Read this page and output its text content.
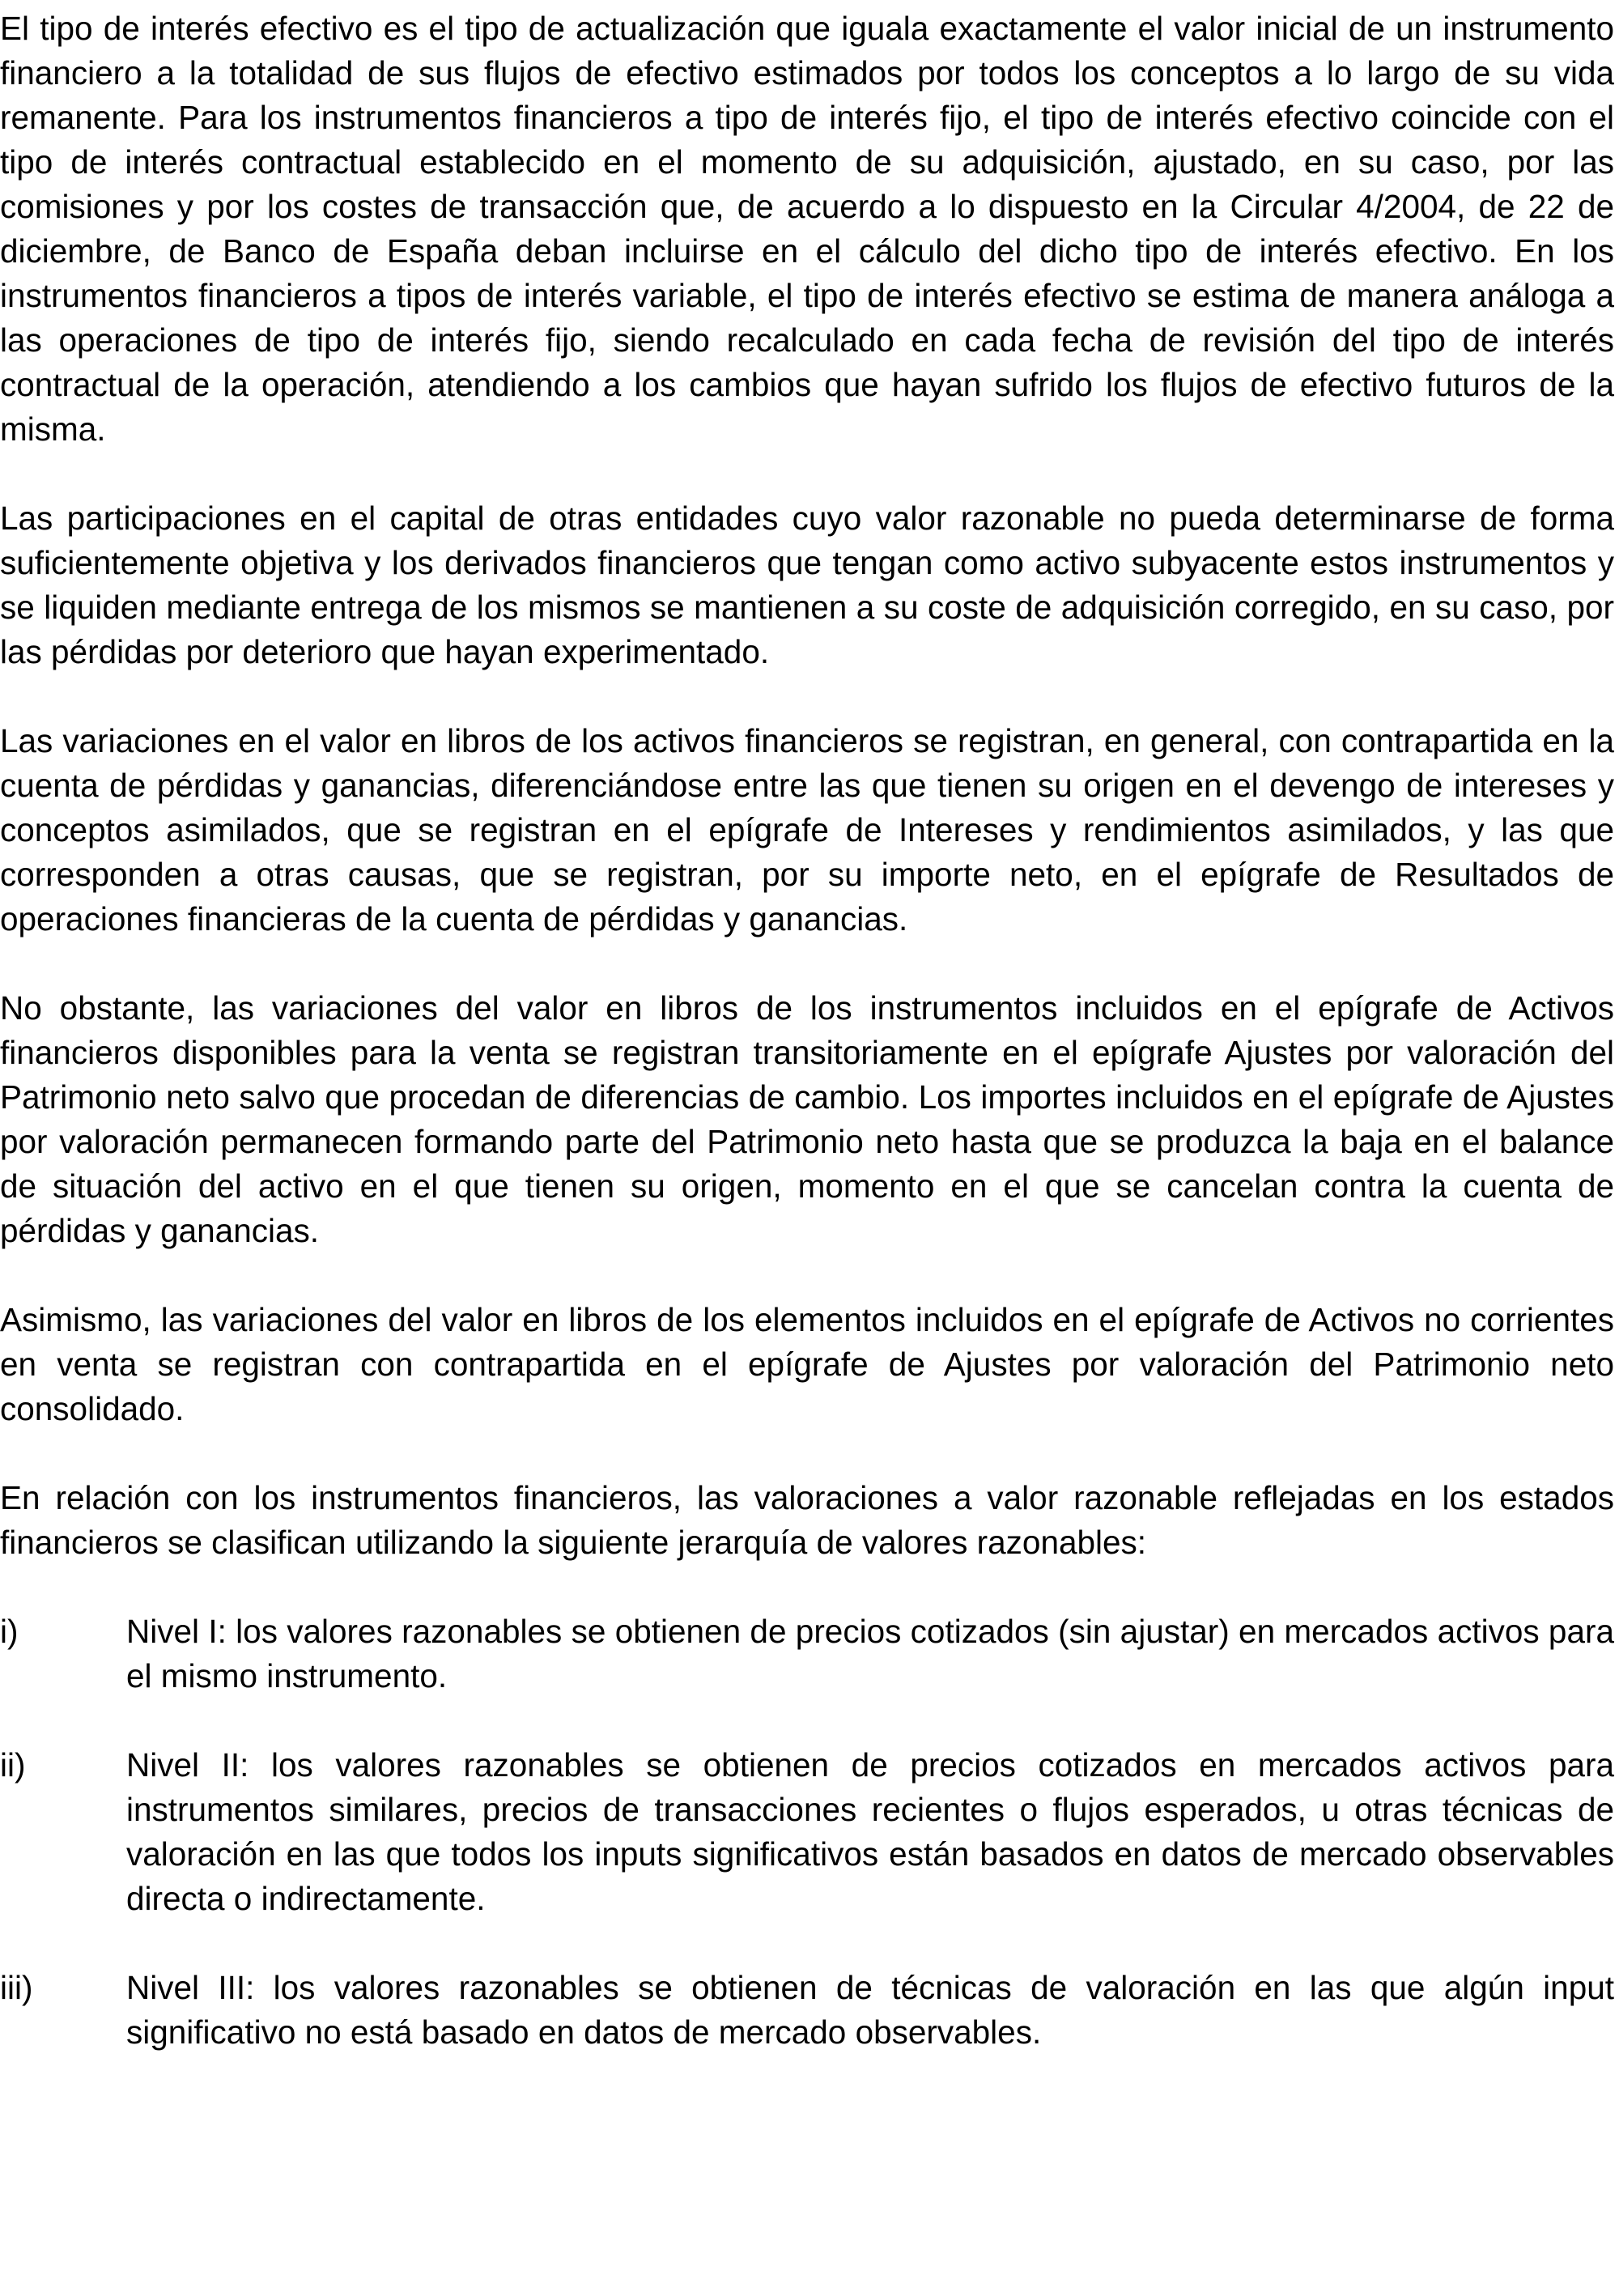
El tipo de interés efectivo es el tipo de actualización que iguala exactamente el valor inicial de un instrumento financiero a la totalidad de sus flujos de efectivo estimados por todos los conceptos a lo largo de su vida remanente. Para los instrumentos financieros a tipo de interés fijo, el tipo de interés efectivo coincide con el tipo de interés contractual establecido en el momento de su adquisición, ajustado, en su caso, por las comisiones y por los costes de transacción que, de acuerdo a lo dispuesto en la Circular 4/2004, de 22 de diciembre, de Banco de España deban incluirse en el cálculo del dicho tipo de interés efectivo. En los instrumentos financieros a tipos de interés variable, el tipo de interés efectivo se estima de manera análoga a las operaciones de tipo de interés fijo, siendo recalculado en cada fecha de revisión del tipo de interés contractual de la operación, atendiendo a los cambios que hayan sufrido los flujos de efectivo futuros de la misma.

Las participaciones en el capital de otras entidades cuyo valor razonable no pueda determinarse de forma suficientemente objetiva y los derivados financieros que tengan como activo subyacente estos instrumentos y se liquiden mediante entrega de los mismos se mantienen a su coste de adquisición corregido, en su caso, por las pérdidas por deterioro que hayan experimentado.

Las variaciones en el valor en libros de los activos financieros se registran, en general, con contrapartida en la cuenta de pérdidas y ganancias, diferenciándose entre las que tienen su origen en el devengo de intereses y conceptos asimilados, que se registran en el epígrafe de Intereses y rendimientos asimilados, y las que corresponden a otras causas, que se registran, por su importe neto, en el epígrafe de Resultados de operaciones financieras de la cuenta de pérdidas y ganancias.

No obstante, las variaciones del valor en libros de los instrumentos incluidos en el epígrafe de Activos financieros disponibles para la venta se registran transitoriamente en el epígrafe Ajustes por valoración del Patrimonio neto salvo que procedan de diferencias de cambio. Los importes incluidos en el epígrafe de Ajustes por valoración permanecen formando parte del Patrimonio neto hasta que se produzca la baja en el balance de situación del activo en el que tienen su origen, momento en el que se cancelan contra la cuenta de pérdidas y ganancias.

Asimismo, las variaciones del valor en libros de los elementos incluidos en el epígrafe de Activos no corrientes en venta se registran con contrapartida en el epígrafe de Ajustes por valoración del Patrimonio neto consolidado.

En relación con los instrumentos financieros, las valoraciones a valor razonable reflejadas en los estados financieros se clasifican utilizando la siguiente jerarquía de valores razonables:

i)	Nivel I: los valores razonables se obtienen de precios cotizados (sin ajustar) en mercados activos para el mismo instrumento.
ii)	Nivel II: los valores razonables se obtienen de precios cotizados en mercados activos para instrumentos similares, precios de transacciones recientes o flujos esperados, u otras técnicas de valoración en las que todos los inputs significativos están basados en datos de mercado observables directa o indirectamente.
iii)	Nivel III: los valores razonables se obtienen de técnicas de valoración en las que algún input significativo no está basado en datos de mercado observables.
